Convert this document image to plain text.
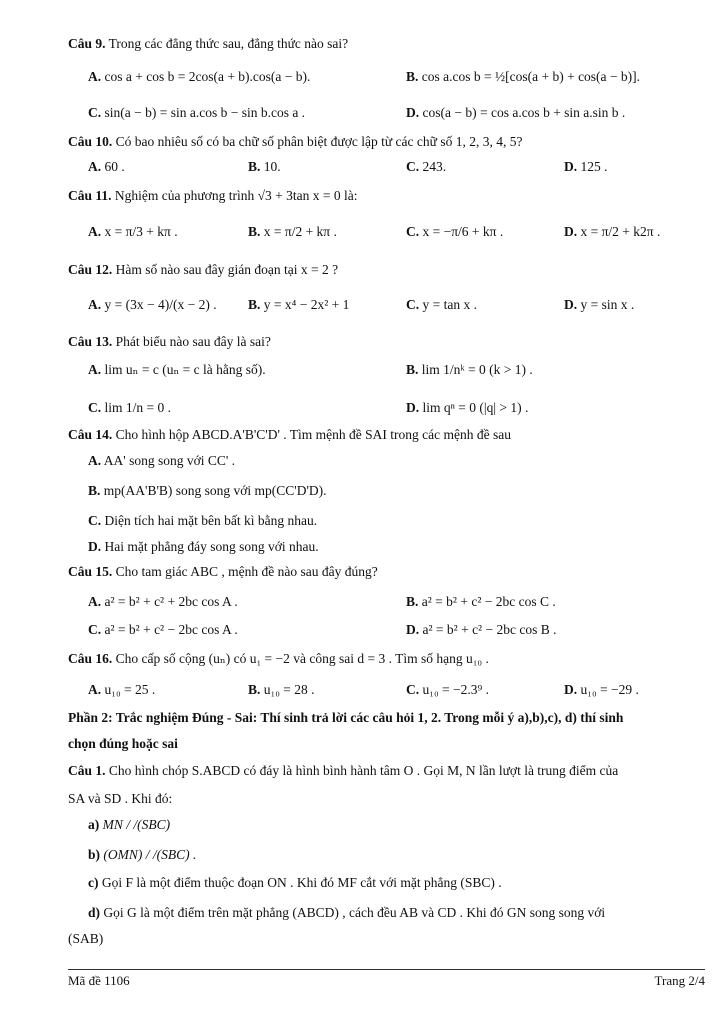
Câu 9. Trong các đẳng thức sau, đẳng thức nào sai?
A. cos a + cos b = 2cos(a + b).cos(a − b).	B. cos a.cos b = ½[cos(a + b) + cos(a − b)].
C. sin(a − b) = sin a.cos b − sin b.cos a .	D. cos(a − b) = cos a.cos b + sin a.sin b .
Câu 10. Có bao nhiêu số có ba chữ số phân biệt được lập từ các chữ số 1, 2, 3, 4, 5?
A. 60 .	B. 10.	C. 243.	D. 125 .
Câu 11. Nghiệm của phương trình √3 + 3tan x = 0 là:
A. x = π/3 + kπ .	B. x = π/2 + kπ .	C. x = −π/6 + kπ .	D. x = π/2 + k2π .
Câu 12. Hàm số nào sau đây gián đoạn tại x = 2 ?
A. y = (3x − 4)/(x − 2) . B. y = x⁴ − 2x² + 1	C. y = tan x .	D. y = sin x .
Câu 13. Phát biểu nào sau đây là sai?
A. lim uₙ = c (uₙ = c là hằng số).	B. lim 1/nᵏ = 0 (k > 1) .
C. lim 1/n = 0 .	D. lim qⁿ = 0 (|q| > 1) .
Câu 14. Cho hình hộp ABCD.A'B'C'D' . Tìm mệnh đề SAI trong các mệnh đề sau
A. AA' song song với CC' .
B. mp(AA'B'B) song song với mp(CC'D'D).
C. Diện tích hai mặt bên bất kì bằng nhau.
D. Hai mặt phẳng đáy song song với nhau.
Câu 15. Cho tam giác ABC , mệnh đề nào sau đây đúng?
A. a² = b² + c² + 2bc cos A .	B. a² = b² + c² − 2bc cos C .
C. a² = b² + c² − 2bc cos A .	D. a² = b² + c² − 2bc cos B .
Câu 16. Cho cấp số cộng (uₙ) có u₁ = −2 và công sai d = 3 . Tìm số hạng u₁₀ .
A. u₁₀ = 25 .	B. u₁₀ = 28 .	C. u₁₀ = −2.3⁹ .	D. u₁₀ = −29 .
Phần 2: Trắc nghiệm Đúng - Sai: Thí sinh trả lời các câu hỏi 1, 2. Trong mỗi ý a),b),c), d) thí sinh
chọn đúng hoặc sai
Câu 1. Cho hình chóp S.ABCD có đáy là hình bình hành tâm O . Gọi M, N lần lượt là trung điểm của
SA và SD . Khi đó:
a) MN / /(SBC)
b) (OMN) / /(SBC) .
c) Gọi F là một điểm thuộc đoạn ON . Khi đó MF cắt với mặt phẳng (SBC) .
d) Gọi G là một điểm trên mặt phẳng (ABCD) , cách đều AB và CD . Khi đó GN song song với
(SAB)
Mã đề 1106	Trang 2/4
